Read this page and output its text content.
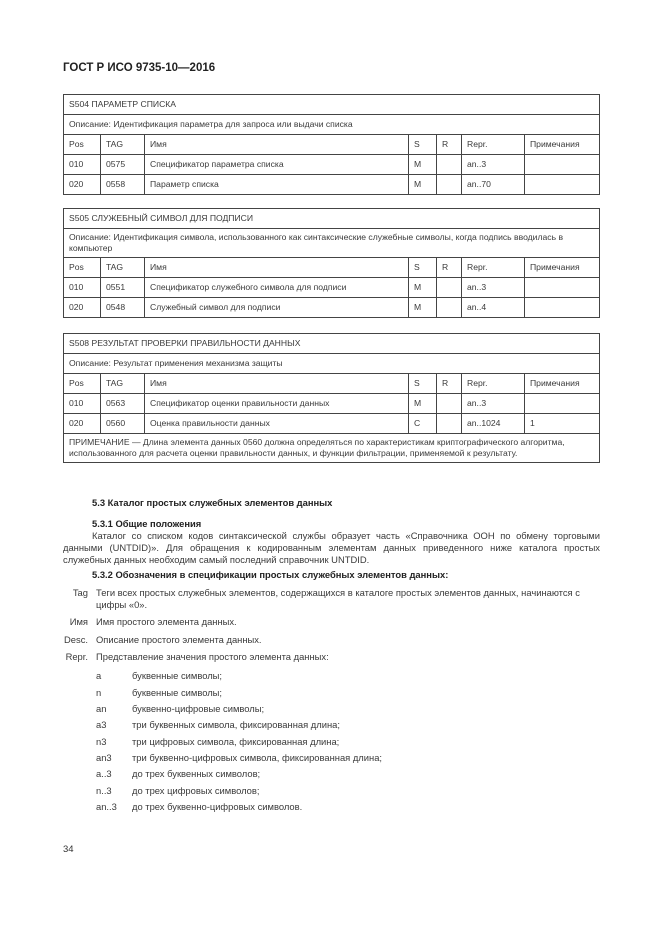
ГОСТ Р ИСО 9735-10—2016
S504 ПАРАМЕТР СПИСКА						
Описание: Идентификация параметра для запроса или выдачи списка						
Pos	TAG	Имя	S	R	Repr.	Примечания
010	0575	Спецификатор параметра списка	M		an..3	
020	0558	Параметр списка	M		an..70	
S505 СЛУЖЕБНЫЙ СИМВОЛ ДЛЯ ПОДПИСИ						
Описание: Идентификация символа, использованного как синтаксические служебные символы, когда подпись вводилась в компьютер						
Pos	TAG	Имя	S	R	Repr.	Примечания
010	0551	Спецификатор служебного символа для подписи	M		an..3	
020	0548	Служебный символ для подписи	M		an..4	
S508 РЕЗУЛЬТАТ ПРОВЕРКИ ПРАВИЛЬНОСТИ ДАННЫХ						
Описание: Результат применения механизма защиты						
Pos	TAG	Имя	S	R	Repr.	Примечания
010	0563	Спецификатор оценки правильности данных	M		an..3	
020	0560	Оценка правильности данных	C		an..1024	1
ПРИМЕЧАНИЕ — Длина элемента данных 0560 должна определяться по характеристикам криптографического алгоритма, использованного для расчета оценки правильности данных, и функции фильтрации, применяемой к результату.						
5.3 Каталог простых служебных элементов данных
5.3.1 Общие положения
Каталог со списком кодов синтаксической службы образует часть «Справочника ООН по обмену торговыми данными (UNTDID)». Для обращения к кодированным элементам данных приведенного ниже каталога простых служебных данных необходим самый последний справочник UNTDID.
5.3.2 Обозначения в спецификации простых служебных элементов данных:
Tag Теги всех простых служебных элементов, содержащихся в каталоге простых элементов данных, начинаются с цифры «0».
Имя Имя простого элемента данных.
Desc. Описание простого элемента данных.
Repr. Представление значения простого элемента данных:
a	буквенные символы;
n	буквенные символы;
an	буквенно-цифровые символы;
a3	три буквенных символа, фиксированная длина;
n3	три цифровых символа, фиксированная длина;
an3	три буквенно-цифровых символа, фиксированная длина;
a..3	до трех буквенных символов;
n..3	до трех цифровых символов;
an..3	до трех буквенно-цифровых символов.
34
